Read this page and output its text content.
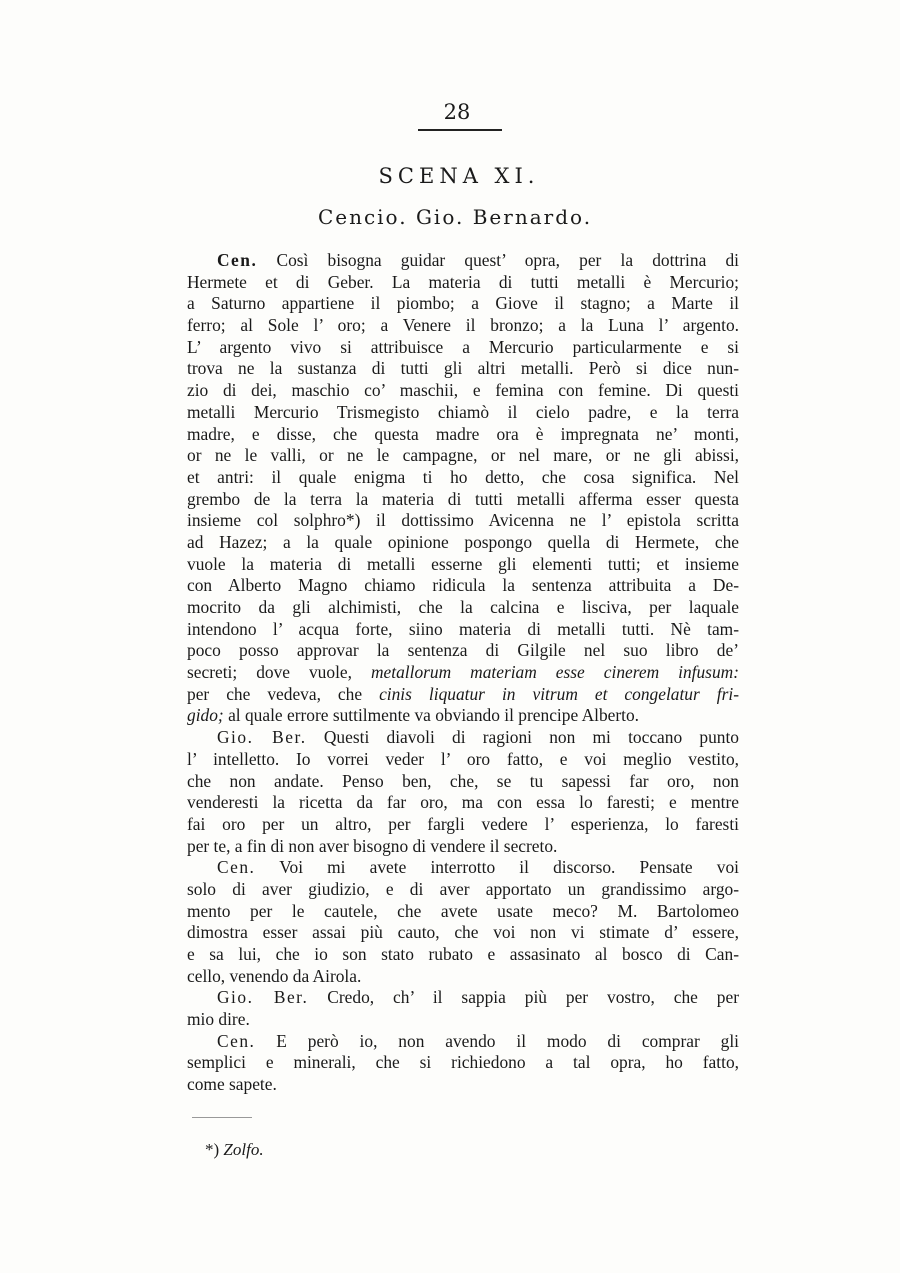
28
SCENA XI.
Cencio. Gio. Bernardo.
Cen. Così bisogna guidar quest’ opra, per la dottrina di
Hermete et di Geber. La materia di tutti metalli è Mercurio;
a Saturno appartiene il piombo; a Giove il stagno; a Marte il
ferro; al Sole l’ oro; a Venere il bronzo; a la Luna l’ argento.
L’ argento vivo si attribuisce a Mercurio particularmente e si
trova ne la sustanza di tutti gli altri metalli. Però si dice nun-
zio di dei, maschio co’ maschii, e femina con femine. Di questi
metalli Mercurio Trismegisto chiamò il cielo padre, e la terra
madre, e disse, che questa madre ora è impregnata ne’ monti,
or ne le valli, or ne le campagne, or nel mare, or ne gli abissi,
et antri: il quale enigma ti ho detto, che cosa significa. Nel
grembo de la terra la materia di tutti metalli afferma esser questa
insieme col solphro*) il dottissimo Avicenna ne l’ epistola scritta
ad Hazez; a la quale opinione pospongo quella di Hermete, che
vuole la materia di metalli esserne gli elementi tutti; et insieme
con Alberto Magno chiamo ridicula la sentenza attribuita a De-
mocrito da gli alchimisti, che la calcina e lisciva, per laquale
intendono l’ acqua forte, siino materia di metalli tutti. Nè tam-
poco posso approvar la sentenza di Gilgile nel suo libro de’
secreti; dove vuole, metallorum materiam esse cinerem infusum:
per che vedeva, che cinis liquatur in vitrum et congelatur fri-
gido; al quale errore suttilmente va obviando il prencipe Alberto.
Gio. Ber. Questi diavoli di ragioni non mi toccano punto
l’ intelletto. Io vorrei veder l’ oro fatto, e voi meglio vestito,
che non andate. Penso ben, che, se tu sapessi far oro, non
venderesti la ricetta da far oro, ma con essa lo faresti; e mentre
fai oro per un altro, per fargli vedere l’ esperienza, lo faresti
per te, a fin di non aver bisogno di vendere il secreto.
Cen. Voi mi avete interrotto il discorso. Pensate voi
solo di aver giudizio, e di aver apportato un grandissimo argo-
mento per le cautele, che avete usate meco? M. Bartolomeo
dimostra esser assai più cauto, che voi non vi stimate d’ essere,
e sa lui, che io son stato rubato e assasinato al bosco di Can-
cello, venendo da Airola.
Gio. Ber. Credo, ch’ il sappia più per vostro, che per
mio dire.
Cen. E però io, non avendo il modo di comprar gli
semplici e minerali, che si richiedono a tal opra, ho fatto,
come sapete.
*) Zolfo.
